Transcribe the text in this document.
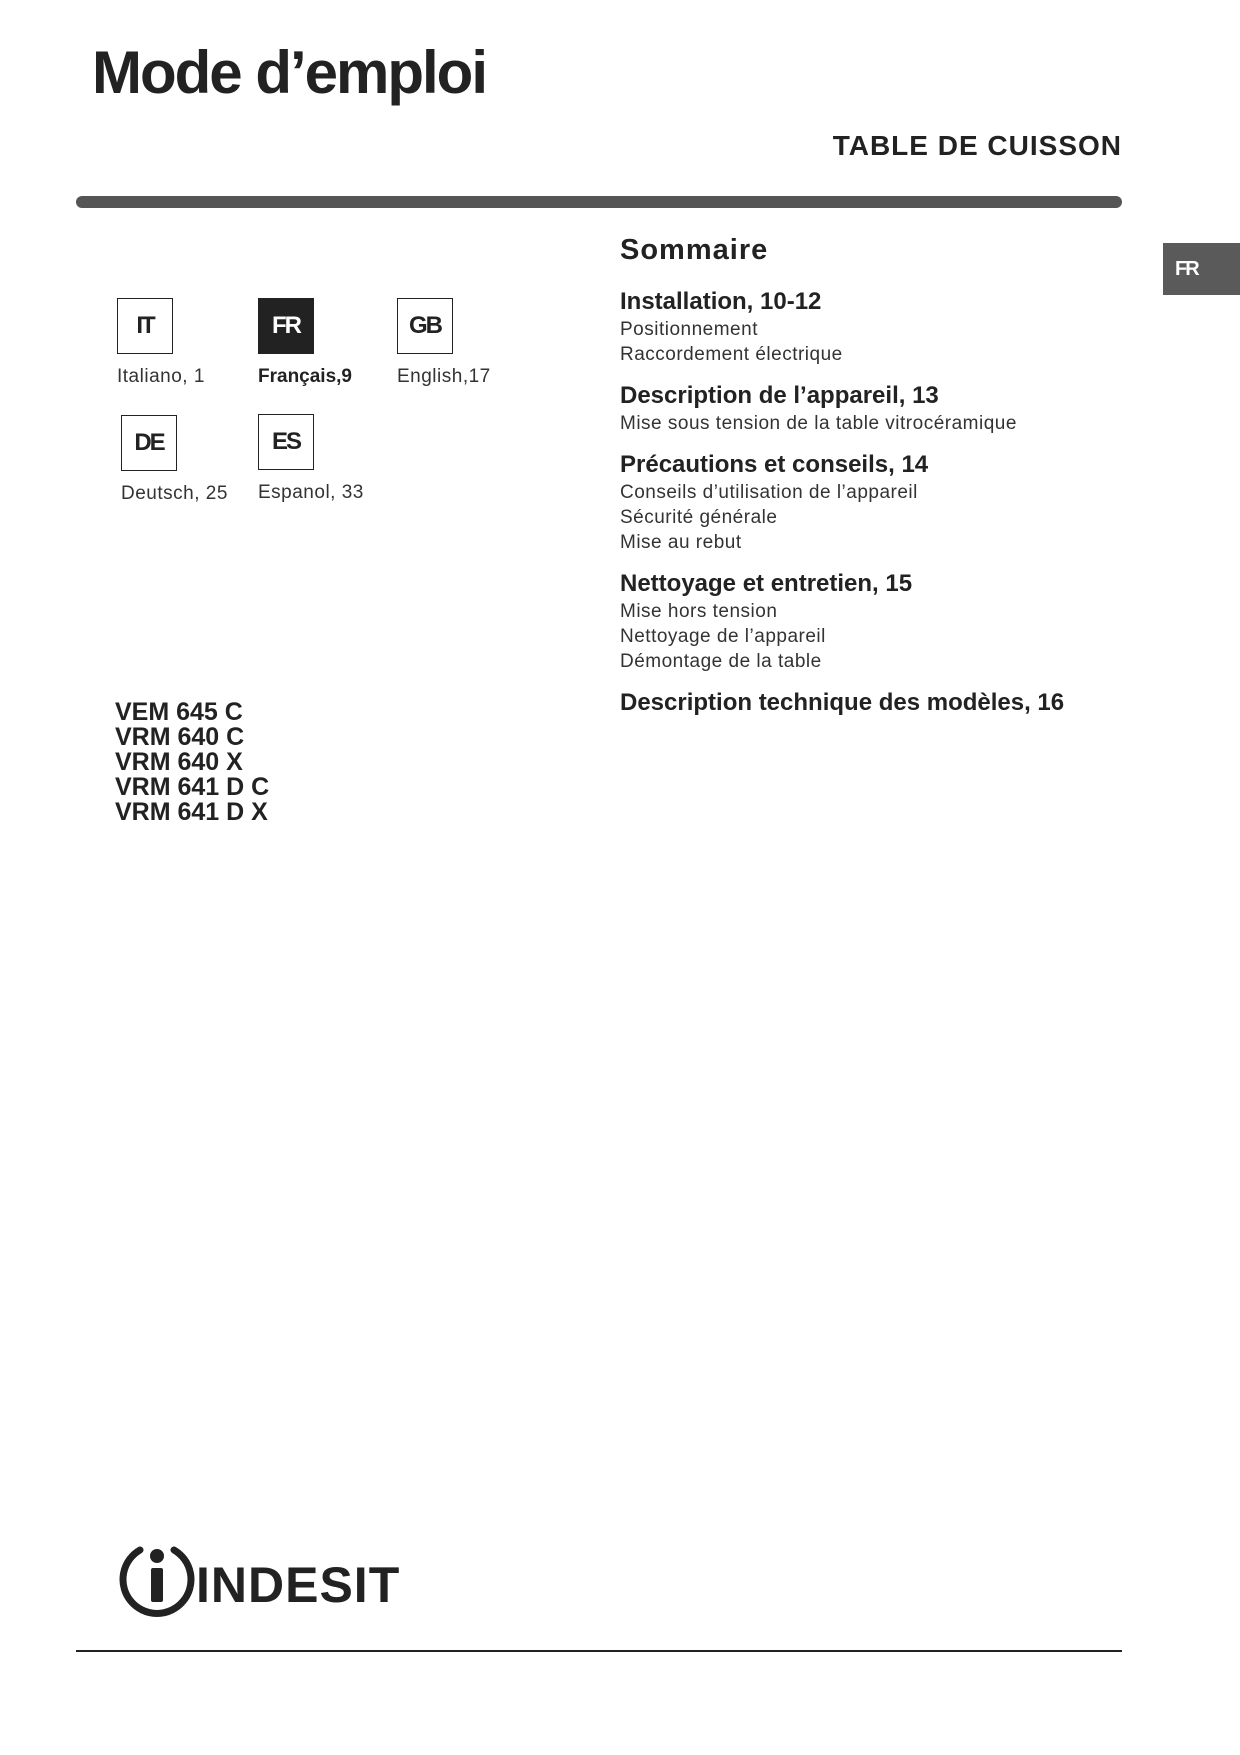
Mode d’emploi
TABLE DE CUISSON
FR
IT
Italiano, 1
FR
Français,9
GB
English,17
DE
Deutsch, 25
ES
Espanol, 33
VEM 645 C
VRM 640 C
VRM 640 X
VRM 641 D C
VRM 641 D X
Sommaire
Installation, 10-12
Positionnement
Raccordement électrique
Description de l’appareil, 13
Mise sous tension de la table vitrocéramique
Précautions et conseils, 14
Conseils d’utilisation de l’appareil
Sécurité générale
Mise au rebut
Nettoyage et entretien, 15
Mise hors tension
Nettoyage de l’appareil
Démontage de la table
Description technique des modèles, 16
INDESIT
